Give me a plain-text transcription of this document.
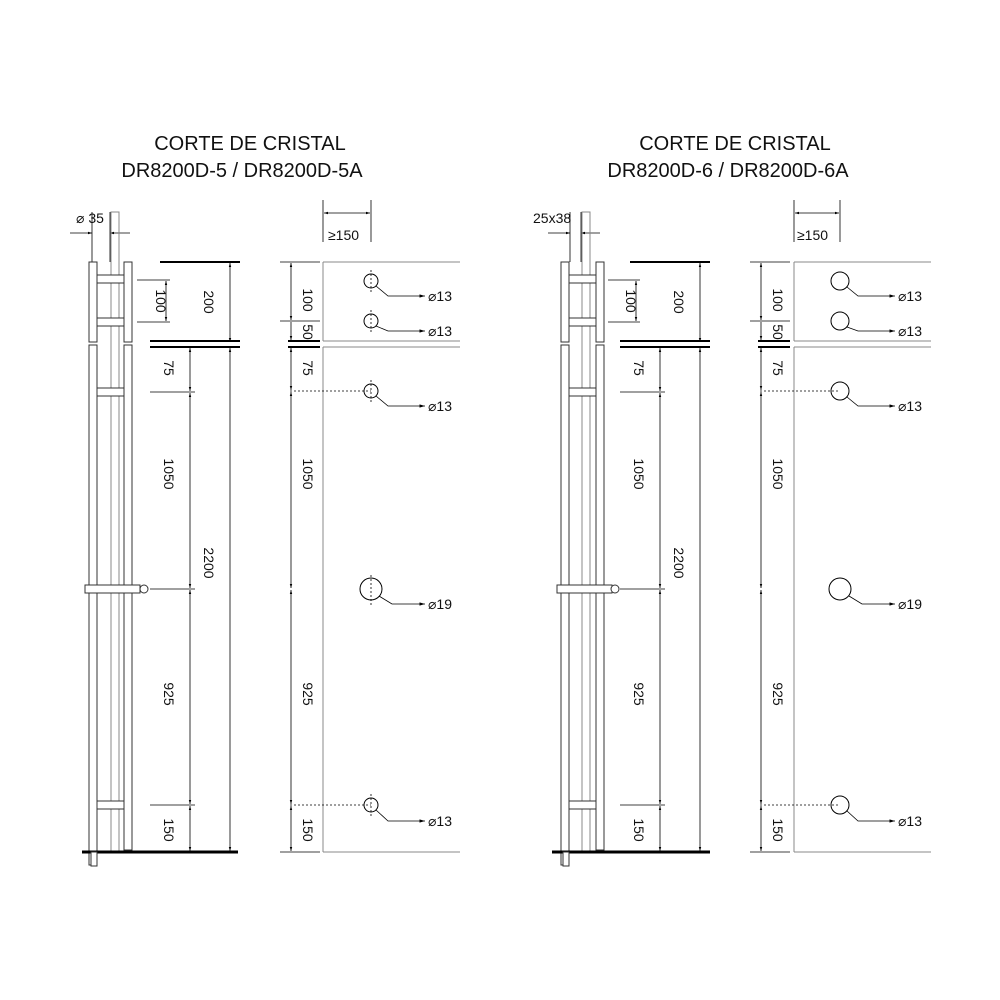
CORTE DE CRISTAL
DR8200D-5 / DR8200D-5A
⌀ 35
100 200
75
1050
2200
925
150
≥150
⌀13
⌀13
⌀13
⌀19
⌀13
100
50
75
1050
925
150
CORTE DE CRISTAL
DR8200D-6 / DR8200D-6A
25x38
100 200
75
1050
2200
925
150
≥150
⌀13
⌀13
⌀13
⌀19
⌀13
100
50
75
1050
925
150
